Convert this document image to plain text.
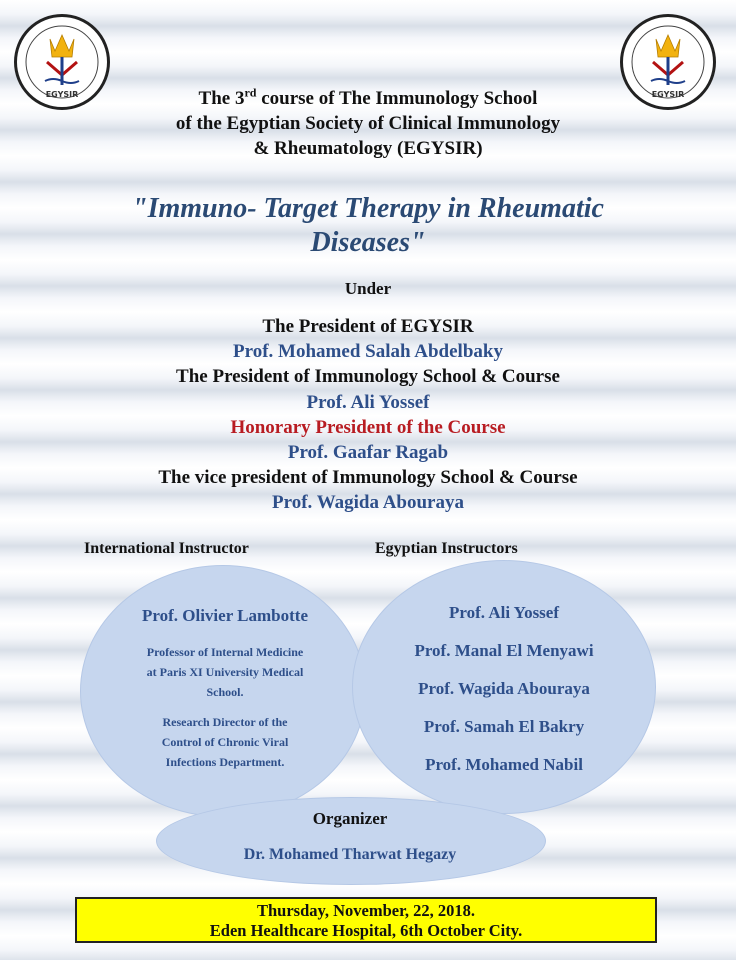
EGYSIR	EGYSIR
The 3rd course of The Immunology School
of the Egyptian Society of Clinical Immunology
& Rheumatology (EGYSIR)
"Immuno- Target Therapy in Rheumatic
Diseases"
Under
The President of EGYSIR
Prof. Mohamed Salah Abdelbaky
The President of Immunology School & Course
Prof. Ali Yossef
Honorary President of the Course
Prof. Gaafar Ragab
The vice president of Immunology School & Course
Prof. Wagida Abouraya
International Instructor	Egyptian Instructors
Prof. Olivier Lambotte
Professor of Internal Medicine
at Paris XI University Medical
School.
Research Director of the
Control of Chronic Viral
Infections Department.
Prof. Ali Yossef
Prof. Manal El Menyawi
Prof. Wagida Abouraya
Prof. Samah El Bakry
Prof. Mohamed Nabil
Organizer
Dr. Mohamed Tharwat Hegazy
Thursday, November, 22, 2018.
Eden Healthcare Hospital, 6th October City.
